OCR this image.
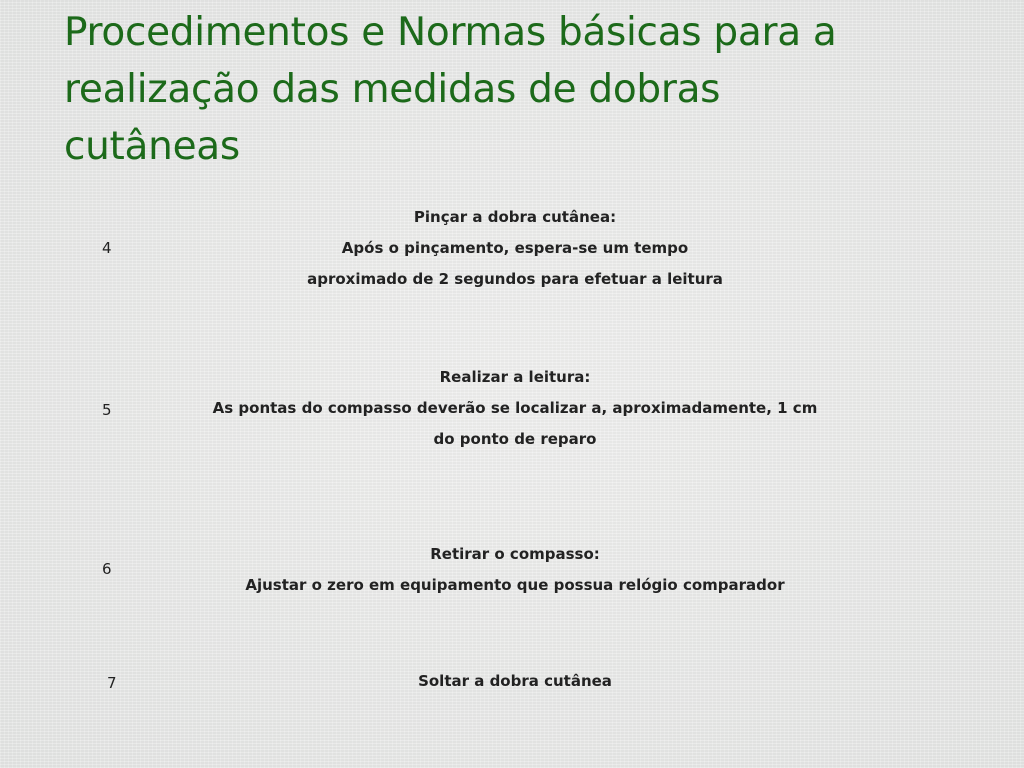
Procedimentos e Normas básicas para a
realização das medidas de dobras
cutâneas
4
Pinçar a dobra cutânea:
Após o pinçamento, espera-se um tempo
aproximado de 2 segundos para efetuar a leitura
5
Realizar a leitura:
As pontas do compasso deverão se localizar a, aproximadamente, 1 cm
do ponto de reparo
6
Retirar o compasso:
Ajustar o zero em equipamento que possua relógio comparador
7	Soltar a dobra cutânea
